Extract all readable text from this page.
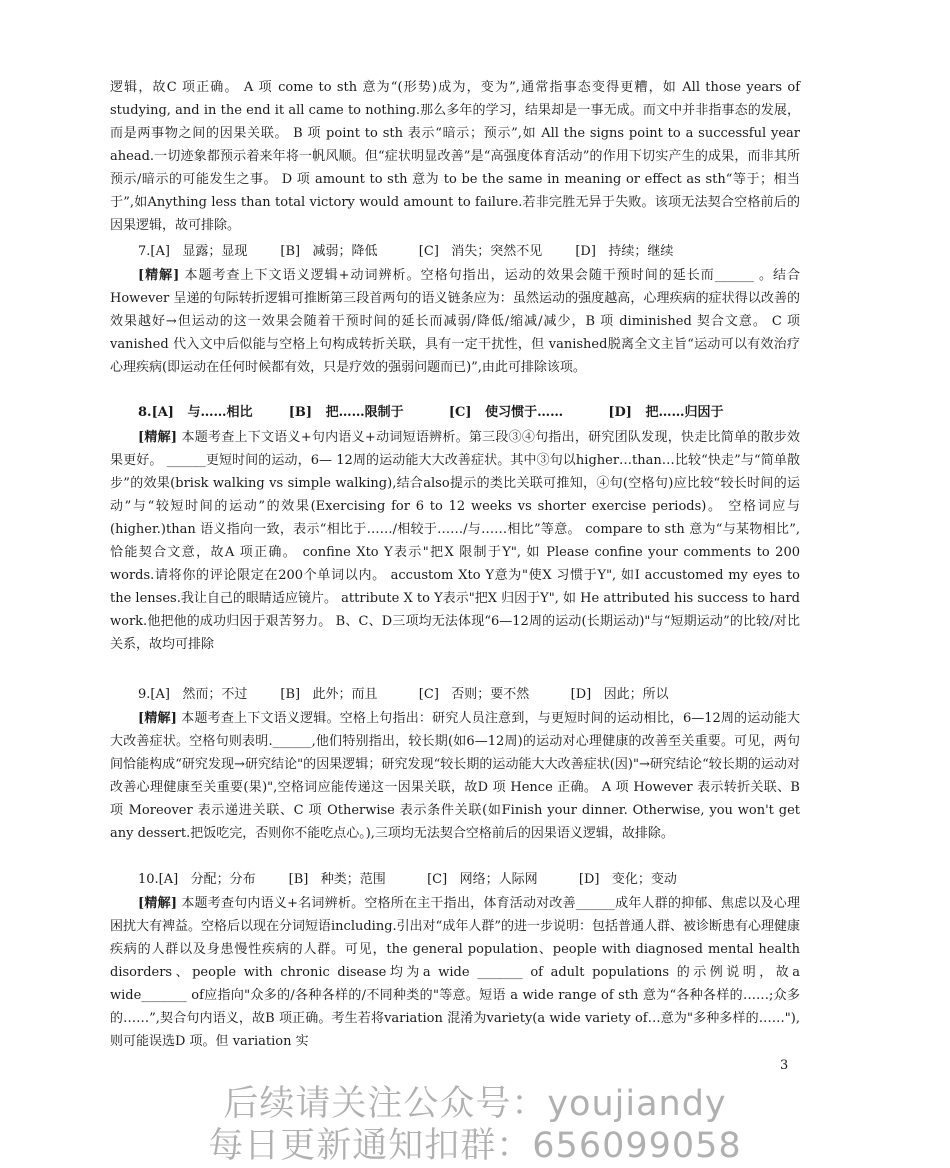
逻辑，故C 项正确。 A 项 come to sth 意为“(形势)成为，变为”,通常指事态变得更糟，如 All those years of studying, and in the end it all came to nothing.那么多年的学习，结果却是一事无成。而文中并非指事态的发展，而是两事物之间的因果关联。 B 项 point to sth 表示“暗示；预示”,如 All the signs point to a successful year ahead.一切迹象都预示着来年将一帆风顺。但“症状明显改善”是“高强度体育活动”的作用下切实产生的成果，而非其所预示/暗示的可能发生之事。 D 项 amount to sth 意为 to be the same in meaning or effect as sth“等于；相当于”,如Anything less than total victory would amount to failure.若非完胜无异于失败。该项无法契合空格前后的因果逻辑，故可排除。

7.[A]   显露；显现        [B]   减弱；降低          [C]   消失；突然不见        [D]   持续；继续

[精解] 本题考查上下文语义逻辑+动词辨析。空格句指出，运动的效果会随干预时间的延长而______ 。结合However 呈递的句际转折逻辑可推断第三段首两句的语义链条应为：虽然运动的强度越高，心理疾病的症状得以改善的效果越好→但运动的这一效果会随着干预时间的延长而减弱/降低/缩减/减少，B 项 diminished 契合文意。 C 项 vanished 代入文中后似能与空格上句构成转折关联，具有一定干扰性，但 vanished脱离全文主旨“运动可以有效治疗心理疾病(即运动在任何时候都有效，只是疗效的强弱问题而已)”,由此可排除该项。

8.[A]   与……相比        [B]   把……限制于          [C]   使习惯于……          [D]   把……归因于

[精解] 本题考查上下文语义+句内语义+动词短语辨析。第三段③④句指出，研究团队发现，快走比简单的散步效果更好。 ______更短时间的运动，6— 12周的运动能大大改善症状。其中③句以higher…than…比较“快走”与“简单散步”的效果(brisk walking vs simple walking),结合also提示的类比关联可推知，④句(空格句)应比较“较长时间的运动”与“较短时间的运动”的效果(Exercising for 6 to 12 weeks vs shorter exercise periods)。 空格词应与(higher.)than 语义指向一致，表示“相比于……/相较于……/与……相比”等意。 compare to sth 意为“与某物相比”,恰能契合文意，故A 项正确。 confine Xto Y表示"把X 限制于Y", 如 Please confine your comments to 200 words.请将你的评论限定在200个单词以内。 accustom Xto Y意为"使X 习惯于Y", 如I accustomed my eyes to the lenses.我让自己的眼睛适应镜片。 attribute X to Y表示"把X 归因于Y", 如 He attributed his success to hard work.他把他的成功归因于艰苦努力。 B、C、D三项均无法体现“6—12周的运动(长期运动)"与“短期运动”的比较/对比关系，故均可排除

9.[A]   然而；不过        [B]   此外；而且          [C]   否则；要不然          [D]   因此；所以

[精解] 本题考查上下文语义逻辑。空格上句指出：研究人员注意到，与更短时间的运动相比，6—12周的运动能大大改善症状。空格句则表明.______,他们特别指出，较长期(如6—12周)的运动对心理健康的改善至关重要。可见，两句间恰能构成“研究发现→研究结论"的因果逻辑；研究发现“较长期的运动能大大改善症状(因)"→研究结论“较长期的运动对改善心理健康至关重要(果)",空格词应能传递这一因果关联，故D 项 Hence 正确。 A 项 However 表示转折关联、B 项 Moreover 表示递进关联、C 项 Otherwise 表示条件关联(如Finish your dinner. Otherwise, you won't get any dessert.把饭吃完，否则你不能吃点心。),三项均无法契合空格前后的因果语义逻辑，故排除。

10.[A]   分配；分布        [B]   种类；范围          [C]   网络；人际网          [D]   变化；变动

[精解] 本题考查句内语义+名词辨析。空格所在主干指出，体育活动对改善______成年人群的抑郁、焦虑以及心理困扰大有裨益。空格后以现在分词短语including.引出对“成年人群”的进一步说明：包括普通人群、被诊断患有心理健康疾病的人群以及身患慢性疾病的人群。可见，the general population、people with diagnosed mental health disorders、people with chronic disease均为a wide _______ of adult populations 的示例说明，故a wide_______ of应指向"众多的/各种各样的/不同种类的"等意。短语 a wide range of sth 意为“各种各样的……;众多的……”,契合句内语义，故B 项正确。考生若将variation 混淆为variety(a wide variety of…意为"多种多样的……"),则可能误选D 项。但 variation 实

3
后续请关注公众号：youjiandy
每日更新通知扣群：656099058
